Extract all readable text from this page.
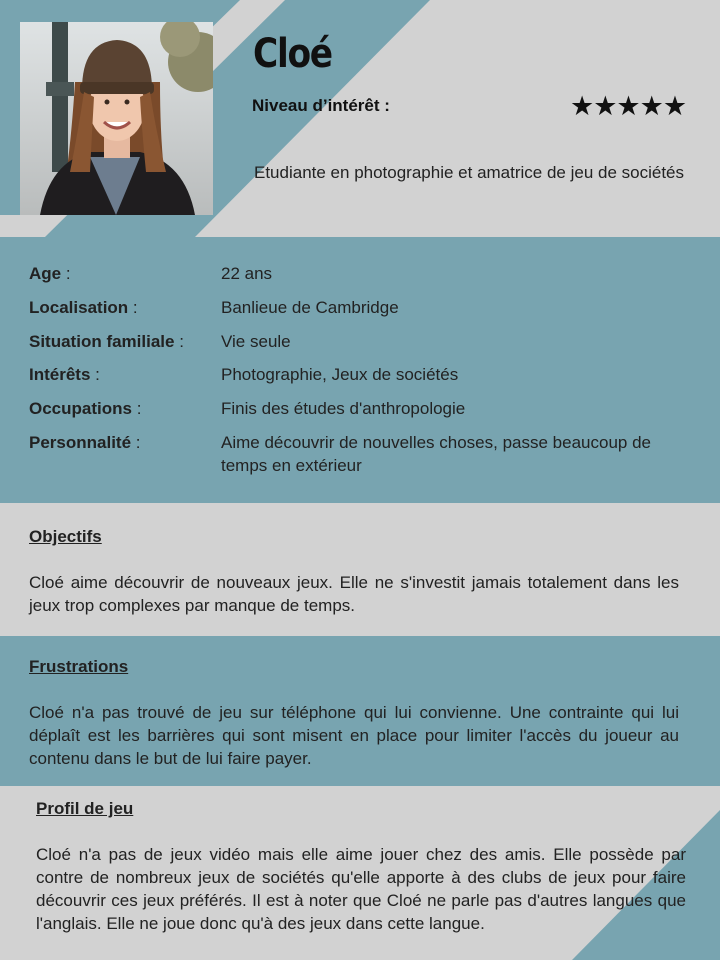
Cloé
Niveau d’intérêt :	★★★★★
Etudiante en photographie et amatrice de jeu de sociétés
Age :	22 ans
Localisation :	Banlieue de Cambridge
Situation familiale :	Vie seule
Intérêts :	Photographie, Jeux de sociétés
Occupations :	Finis des études d'anthropologie
Personnalité :	Aime découvrir de nouvelles choses, passe beaucoup de temps en extérieur
Objectifs

Cloé aime découvrir de nouveaux jeux. Elle ne s'investit jamais totalement dans les jeux trop complexes par manque de temps.

Frustrations

Cloé n'a pas trouvé de jeu sur téléphone qui lui convienne. Une contrainte qui lui déplaît est les barrières qui sont misent en place pour limiter l'accès du joueur au contenu dans le but de lui faire payer.

Profil de jeu

Cloé n'a pas de jeux vidéo mais elle aime jouer chez des amis. Elle possède par contre de nombreux jeux de sociétés qu'elle apporte à des clubs de jeux pour faire découvrir ces jeux préférés. Il est à noter que Cloé ne parle pas d'autres langues que l'anglais. Elle ne joue donc qu'à des jeux dans cette langue.
